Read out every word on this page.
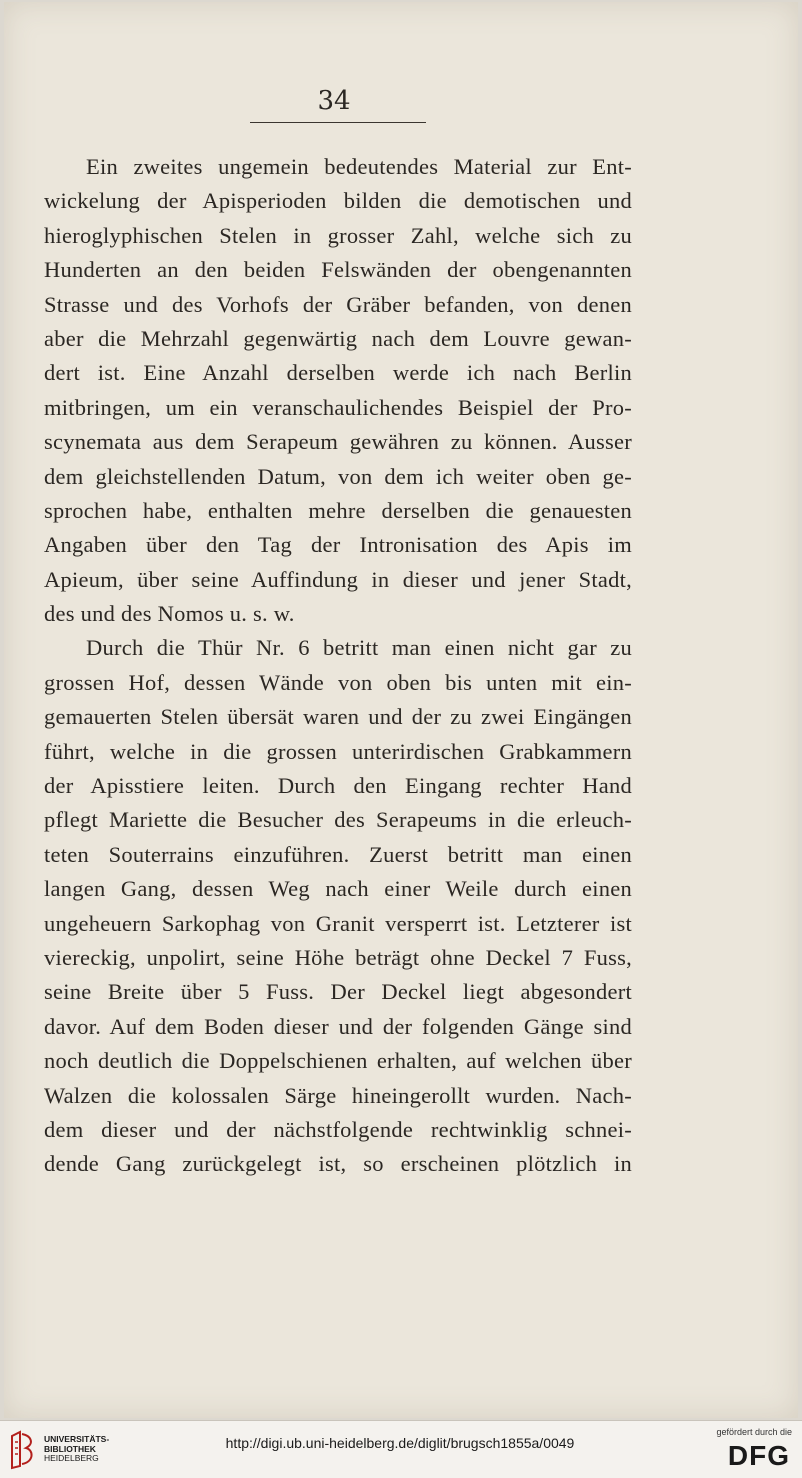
34
Ein zweites ungemein bedeutendes Material zur Ent-
wickelung der Apisperioden bilden die demotischen und
hieroglyphischen Stelen in grosser Zahl, welche sich zu
Hunderten an den beiden Felswänden der obengenannten
Strasse und des Vorhofs der Gräber befanden, von denen
aber die Mehrzahl gegenwärtig nach dem Louvre gewan-
dert ist. Eine Anzahl derselben werde ich nach Berlin
mitbringen, um ein veranschaulichendes Beispiel der Pro-
scynemata aus dem Serapeum gewähren zu können. Ausser
dem gleichstellenden Datum, von dem ich weiter oben ge-
sprochen habe, enthalten mehre derselben die genauesten
Angaben über den Tag der Intronisation des Apis im
Apieum, über seine Auffindung in dieser und jener Stadt,
des und des Nomos u. s. w.
Durch die Thür Nr. 6 betritt man einen nicht gar zu
grossen Hof, dessen Wände von oben bis unten mit ein-
gemauerten Stelen übersät waren und der zu zwei Eingängen
führt, welche in die grossen unterirdischen Grabkammern
der Apisstiere leiten. Durch den Eingang rechter Hand
pflegt Mariette die Besucher des Serapeums in die erleuch-
teten Souterrains einzuführen. Zuerst betritt man einen
langen Gang, dessen Weg nach einer Weile durch einen
ungeheuern Sarkophag von Granit versperrt ist. Letzterer ist
viereckig, unpolirt, seine Höhe beträgt ohne Deckel 7 Fuss,
seine Breite über 5 Fuss. Der Deckel liegt abgesondert
davor. Auf dem Boden dieser und der folgenden Gänge sind
noch deutlich die Doppelschienen erhalten, auf welchen über
Walzen die kolossalen Särge hineingerollt wurden. Nach-
dem dieser und der nächstfolgende rechtwinklig schnei-
dende Gang zurückgelegt ist, so erscheinen plötzlich in
UNIVERSITÄTS-
BIBLIOTHEK
HEIDELBERG
http://digi.ub.uni-heidelberg.de/diglit/brugsch1855a/0049
gefördert durch die
DFG
